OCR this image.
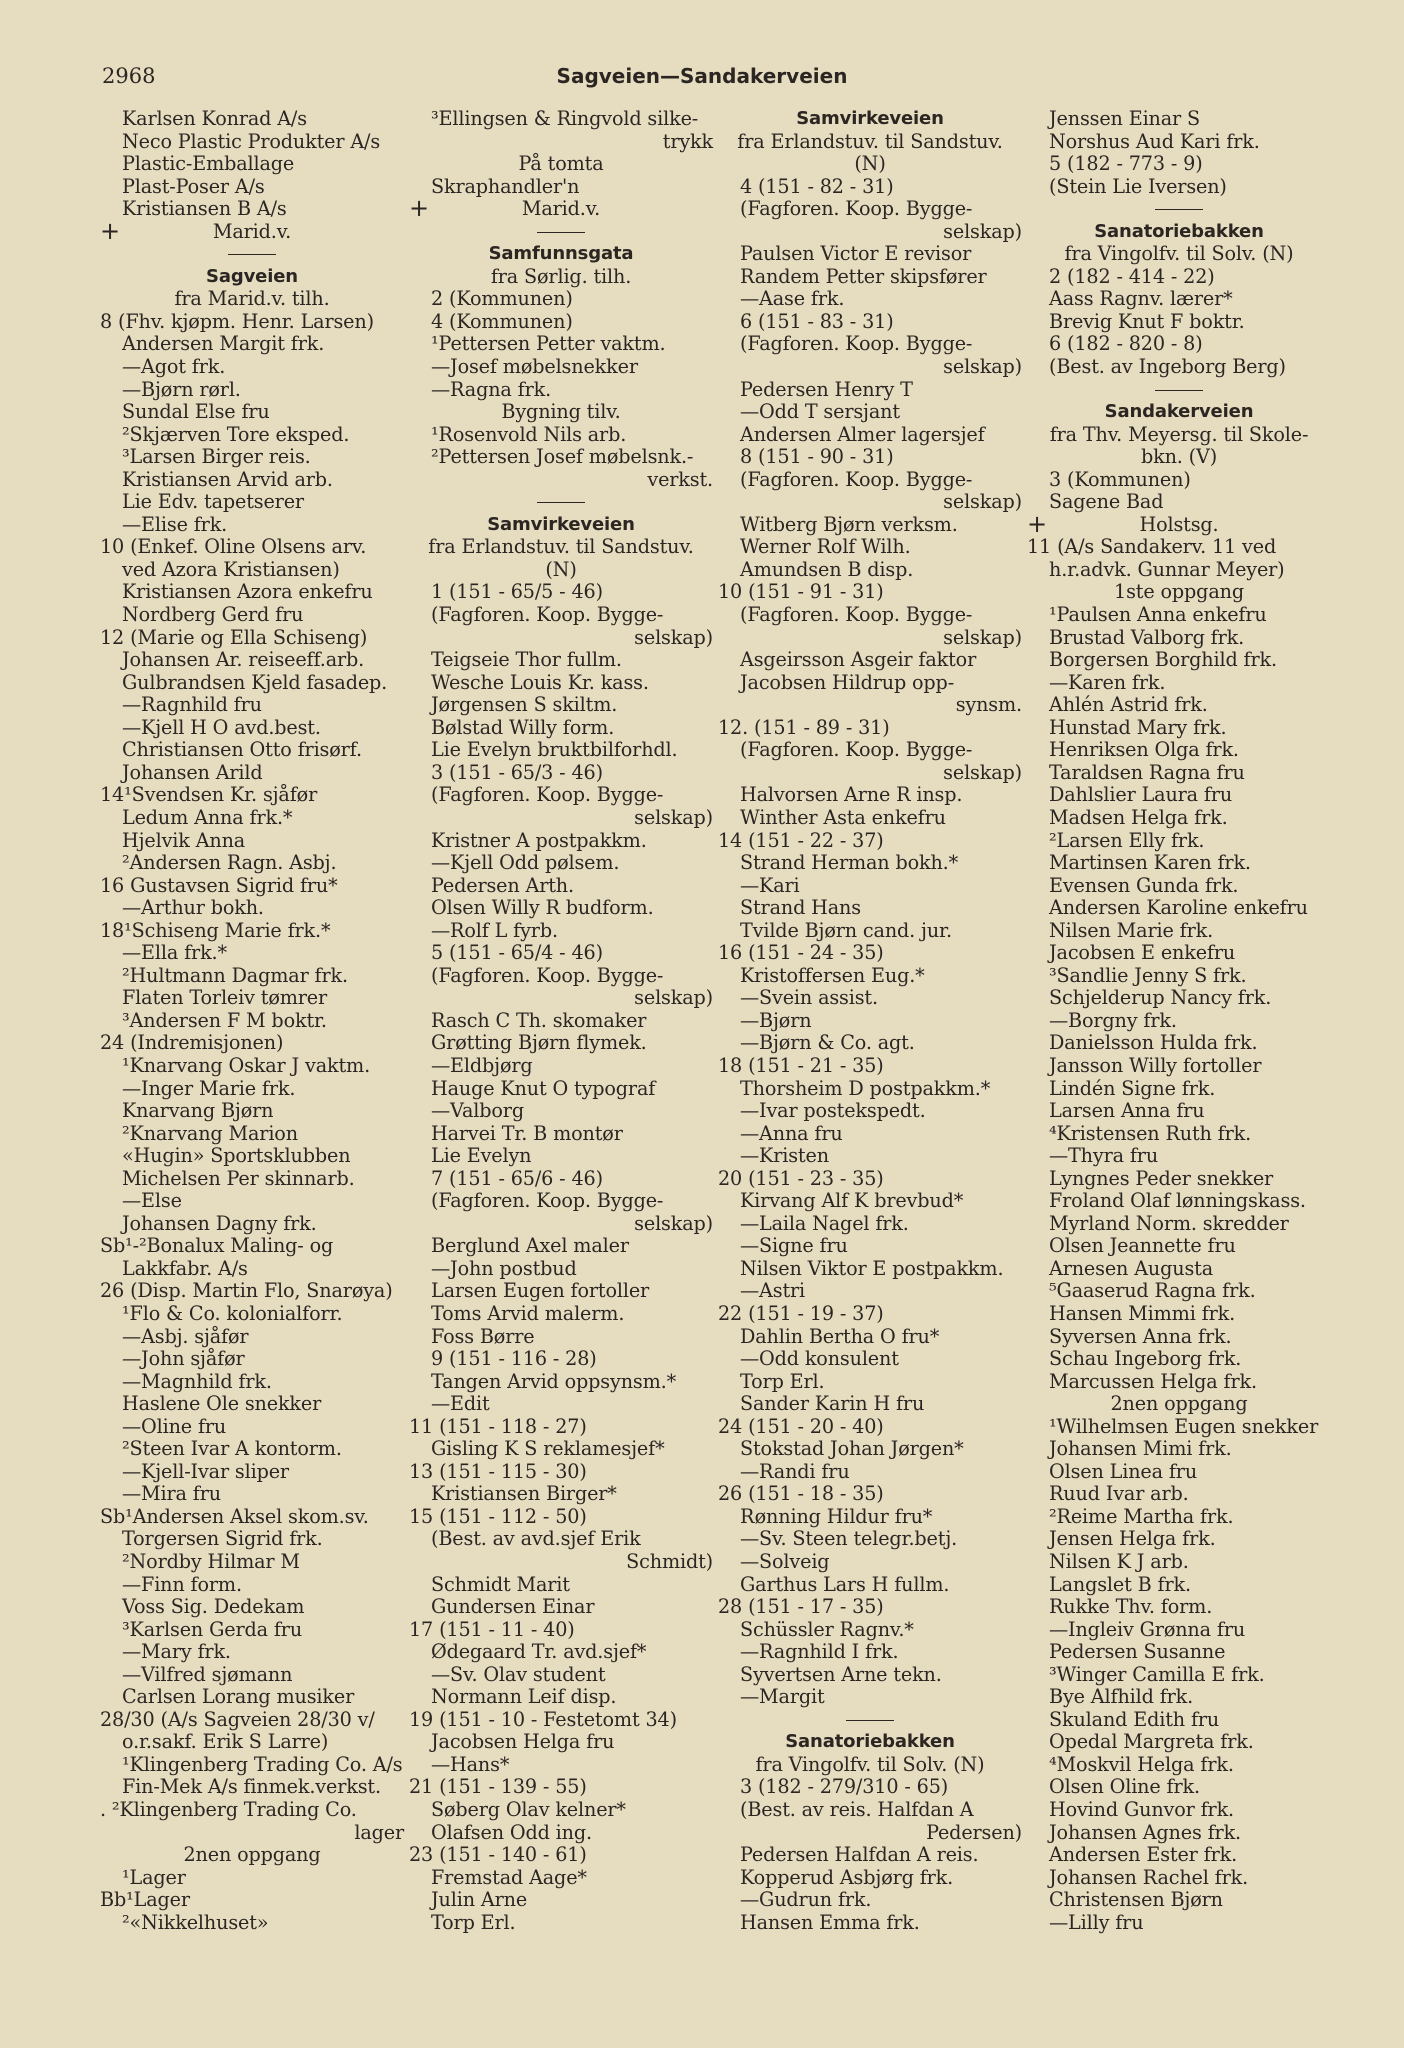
2968	Sagveien—Sandakerveien
Karlsen Konrad A/s
Neco Plastic Produkter A/s
Plastic-Emballage
Plast-Poser A/s
Kristiansen B A/s
+	Marid.v.
Sagveien
fra Marid.v. tilh.
8 (Fhv. kjøpm. Henr. Larsen)
Andersen Margit frk.
—Agot frk.
—Bjørn rørl.
Sundal Else fru
²Skjærven Tore eksped.
³Larsen Birger reis.
Kristiansen Arvid arb.
Lie Edv. tapetserer
—Elise frk.
10 (Enkef. Oline Olsens arv.
ved Azora Kristiansen)
Kristiansen Azora enkefru
Nordberg Gerd fru
12 (Marie og Ella Schiseng)
Johansen Ar. reiseeff.arb.
Gulbrandsen Kjeld fasadep.
—Ragnhild fru
—Kjell H O avd.best.
Christiansen Otto frisørf.
Johansen Arild
14¹Svendsen Kr. sjåfør
Ledum Anna frk.*
Hjelvik Anna
²Andersen Ragn. Asbj.
16 Gustavsen Sigrid fru*
—Arthur bokh.
18¹Schiseng Marie frk.*
—Ella frk.*
²Hultmann Dagmar frk.
Flaten Torleiv tømrer
³Andersen F M boktr.
24 (Indremisjonen)
¹Knarvang Oskar J vaktm.
—Inger Marie frk.
Knarvang Bjørn
²Knarvang Marion
«Hugin» Sportsklubben
Michelsen Per skinnarb.
—Else
Johansen Dagny frk.
Sb¹-²Bonalux Maling- og
Lakkfabr. A/s
26 (Disp. Martin Flo, Snarøya)
¹Flo & Co. kolonialforr.
—Asbj. sjåfør
—John sjåfør
—Magnhild frk.
Haslene Ole snekker
—Oline fru
²Steen Ivar A kontorm.
—Kjell-Ivar sliper
—Mira fru
Sb¹Andersen Aksel skom.sv.
Torgersen Sigrid frk.
²Nordby Hilmar M
—Finn form.
Voss Sig. Dedekam
³Karlsen Gerda fru
—Mary frk.
—Vilfred sjømann
Carlsen Lorang musiker
28/30 (A/s Sagveien 28/30 v/
o.r.sakf. Erik S Larre)
¹Klingenberg Trading Co. A/s
Fin-Mek A/s finmek.verkst.
. ²Klingenberg Trading Co.
lager
2nen oppgang
¹Lager
Bb¹Lager
²«Nikkelhuset»
³Ellingsen & Ringvold silke-
trykk
På tomta
Skraphandler'n
+	Marid.v.
Samfunnsgata
fra Sørlig. tilh.
2 (Kommunen)
4 (Kommunen)
¹Pettersen Petter vaktm.
—Josef møbelsnekker
—Ragna frk.
Bygning tilv.
¹Rosenvold Nils arb.
²Pettersen Josef møbelsnk.-
verkst.
Samvirkeveien
fra Erlandstuv. til Sandstuv.
(N)
1 (151 - 65/5 - 46)
(Fagforen. Koop. Bygge-
selskap)
Teigseie Thor fullm.
Wesche Louis Kr. kass.
Jørgensen S skiltm.
Bølstad Willy form.
Lie Evelyn bruktbilforhdl.
3 (151 - 65/3 - 46)
(Fagforen. Koop. Bygge-
selskap)
Kristner A postpakkm.
—Kjell Odd pølsem.
Pedersen Arth.
Olsen Willy R budform.
—Rolf L fyrb.
5 (151 - 65/4 - 46)
(Fagforen. Koop. Bygge-
selskap)
Rasch C Th. skomaker
Grøtting Bjørn flymek.
—Eldbjørg
Hauge Knut O typograf
—Valborg
Harvei Tr. B montør
Lie Evelyn
7 (151 - 65/6 - 46)
(Fagforen. Koop. Bygge-
selskap)
Berglund Axel maler
—John postbud
Larsen Eugen fortoller
Toms Arvid malerm.
Foss Børre
9 (151 - 116 - 28)
Tangen Arvid oppsynsm.*
—Edit
11 (151 - 118 - 27)
Gisling K S reklamesjef*
13 (151 - 115 - 30)
Kristiansen Birger*
15 (151 - 112 - 50)
(Best. av avd.sjef Erik
Schmidt)
Schmidt Marit
Gundersen Einar
17 (151 - 11 - 40)
Ødegaard Tr. avd.sjef*
—Sv. Olav student
Normann Leif disp.
19 (151 - 10 - Festetomt 34)
Jacobsen Helga fru
—Hans*
21 (151 - 139 - 55)
Søberg Olav kelner*
Olafsen Odd ing.
23 (151 - 140 - 61)
Fremstad Aage*
Julin Arne
Torp Erl.
Samvirkeveien
fra Erlandstuv. til Sandstuv.
(N)
4 (151 - 82 - 31)
(Fagforen. Koop. Bygge-
selskap)
Paulsen Victor E revisor
Randem Petter skipsfører
—Aase frk.
6 (151 - 83 - 31)
(Fagforen. Koop. Bygge-
selskap)
Pedersen Henry T
—Odd T sersjant
Andersen Almer lagersjef
8 (151 - 90 - 31)
(Fagforen. Koop. Bygge-
selskap)
Witberg Bjørn verksm.
Werner Rolf Wilh.
Amundsen B disp.
10 (151 - 91 - 31)
(Fagforen. Koop. Bygge-
selskap)
Asgeirsson Asgeir faktor
Jacobsen Hildrup opp-
synsm.
12. (151 - 89 - 31)
(Fagforen. Koop. Bygge-
selskap)
Halvorsen Arne R insp.
Winther Asta enkefru
14 (151 - 22 - 37)
Strand Herman bokh.*
—Kari
Strand Hans
Tvilde Bjørn cand. jur.
16 (151 - 24 - 35)
Kristoffersen Eug.*
—Svein assist.
—Bjørn
—Bjørn & Co. agt.
18 (151 - 21 - 35)
Thorsheim D postpakkm.*
—Ivar postekspedt.
—Anna fru
—Kristen
20 (151 - 23 - 35)
Kirvang Alf K brevbud*
—Laila Nagel frk.
—Signe fru
Nilsen Viktor E postpakkm.
—Astri
22 (151 - 19 - 37)
Dahlin Bertha O fru*
—Odd konsulent
Torp Erl.
Sander Karin H fru
24 (151 - 20 - 40)
Stokstad Johan Jørgen*
—Randi fru
26 (151 - 18 - 35)
Rønning Hildur fru*
—Sv. Steen telegr.betj.
—Solveig
Garthus Lars H fullm.
28 (151 - 17 - 35)
Schüssler Ragnv.*
—Ragnhild I frk.
Syvertsen Arne tekn.
—Margit
Sanatoriebakken
fra Vingolfv. til Solv. (N)
3 (182 - 279/310 - 65)
(Best. av reis. Halfdan A
Pedersen)
Pedersen Halfdan A reis.
Kopperud Asbjørg frk.
—Gudrun frk.
Hansen Emma frk.
Jenssen Einar S
Norshus Aud Kari frk.
5 (182 - 773 - 9)
(Stein Lie Iversen)
Sanatoriebakken
fra Vingolfv. til Solv. (N)
2 (182 - 414 - 22)
Aass Ragnv. lærer*
Brevig Knut F boktr.
6 (182 - 820 - 8)
(Best. av Ingeborg Berg)
Sandakerveien
fra Thv. Meyersg. til Skole-
bkn. (V)
3 (Kommunen)
Sagene Bad
+	Holstsg.
11 (A/s Sandakerv. 11 ved
h.r.advk. Gunnar Meyer)
1ste oppgang
¹Paulsen Anna enkefru
Brustad Valborg frk.
Borgersen Borghild frk.
—Karen frk.
Ahlén Astrid frk.
Hunstad Mary frk.
Henriksen Olga frk.
Taraldsen Ragna fru
Dahlslier Laura fru
Madsen Helga frk.
²Larsen Elly frk.
Martinsen Karen frk.
Evensen Gunda frk.
Andersen Karoline enkefru
Nilsen Marie frk.
Jacobsen E enkefru
³Sandlie Jenny S frk.
Schjelderup Nancy frk.
—Borgny frk.
Danielsson Hulda frk.
Jansson Willy fortoller
Lindén Signe frk.
Larsen Anna fru
⁴Kristensen Ruth frk.
—Thyra fru
Lyngnes Peder snekker
Froland Olaf lønningskass.
Myrland Norm. skredder
Olsen Jeannette fru
Arnesen Augusta
⁵Gaaserud Ragna frk.
Hansen Mimmi frk.
Syversen Anna frk.
Schau Ingeborg frk.
Marcussen Helga frk.
2nen oppgang
¹Wilhelmsen Eugen snekker
Johansen Mimi frk.
Olsen Linea fru
Ruud Ivar arb.
²Reime Martha frk.
Jensen Helga frk.
Nilsen K J arb.
Langslet B frk.
Rukke Thv. form.
—Ingleiv Grønna fru
Pedersen Susanne
³Winger Camilla E frk.
Bye Alfhild frk.
Skuland Edith fru
Opedal Margreta frk.
⁴Moskvil Helga frk.
Olsen Oline frk.
Hovind Gunvor frk.
Johansen Agnes frk.
Andersen Ester frk.
Johansen Rachel frk.
Christensen Bjørn
—Lilly fru
